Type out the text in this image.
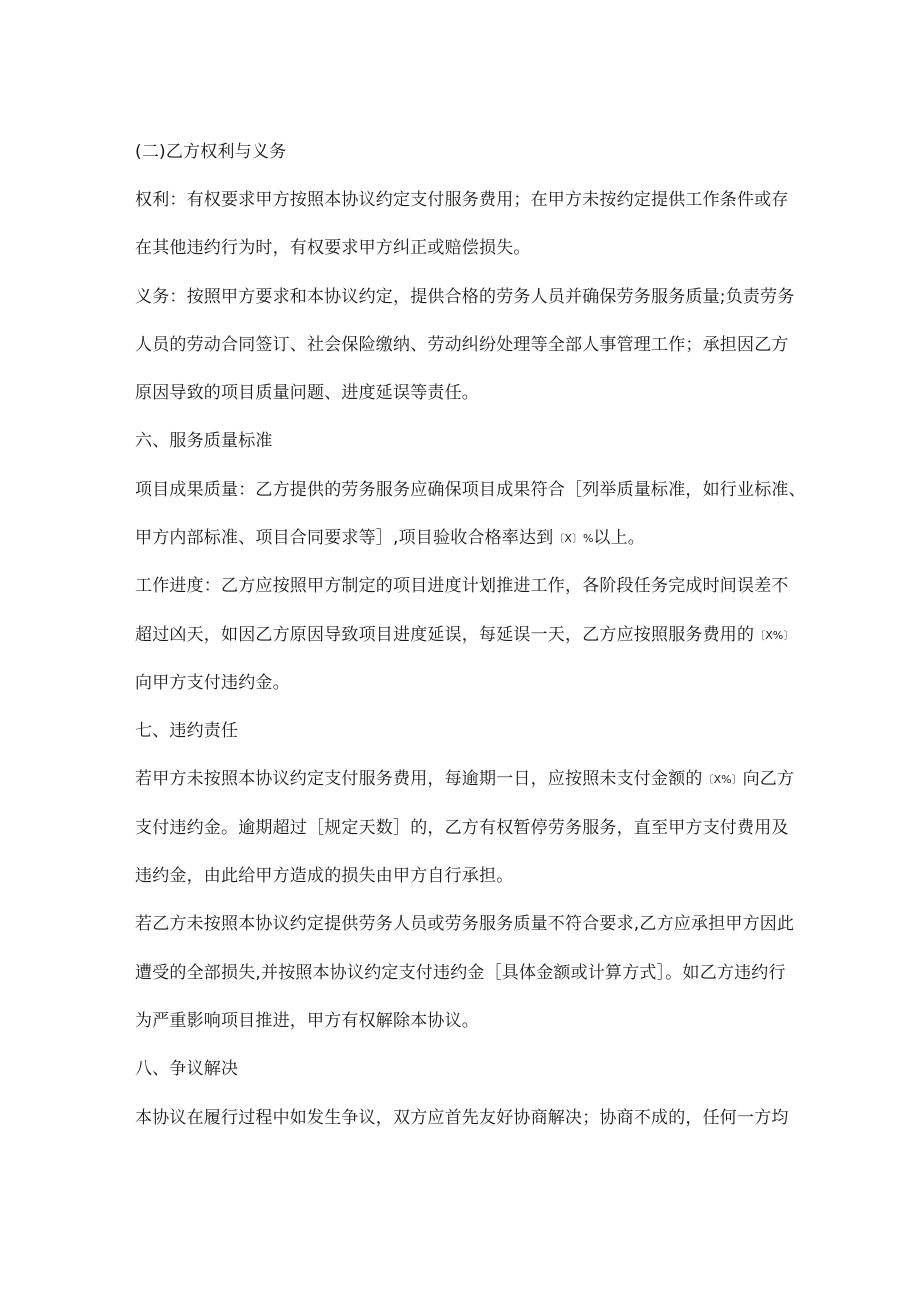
(二)乙方权利与义务
权利：有权要求甲方按照本协议约定支付服务费用；在甲方未按约定提供工作条件或存
在其他违约行为时，有权要求甲方纠正或赔偿损失。
义务：按照甲方要求和本协议约定，提供合格的劳务人员并确保劳务服务质量;负责劳务
人员的劳动合同签订、社会保险缴纳、劳动纠纷处理等全部人事管理工作；承担因乙方
原因导致的项目质量问题、进度延误等责任。
六、服务质量标准
项目成果质量：乙方提供的劳务服务应确保项目成果符合［列举质量标准，如行业标准、
甲方内部标准、项目合同要求等］,项目验收合格率达到〔X〕%以上。
工作进度：乙方应按照甲方制定的项目进度计划推进工作，各阶段任务完成时间误差不
超过凶天，如因乙方原因导致项目进度延误，每延误一天，乙方应按照服务费用的〔X%〕
向甲方支付违约金。
七、违约责任
若甲方未按照本协议约定支付服务费用，每逾期一日，应按照未支付金额的〔X%〕向乙方
支付违约金。逾期超过［规定天数］的，乙方有权暂停劳务服务，直至甲方支付费用及
违约金，由此给甲方造成的损失由甲方自行承担。
若乙方未按照本协议约定提供劳务人员或劳务服务质量不符合要求,乙方应承担甲方因此
遭受的全部损失,并按照本协议约定支付违约金［具体金额或计算方式］。如乙方违约行
为严重影响项目推进，甲方有权解除本协议。
八、争议解决
本协议在履行过程中如发生争议，双方应首先友好协商解决；协商不成的，任何一方均
